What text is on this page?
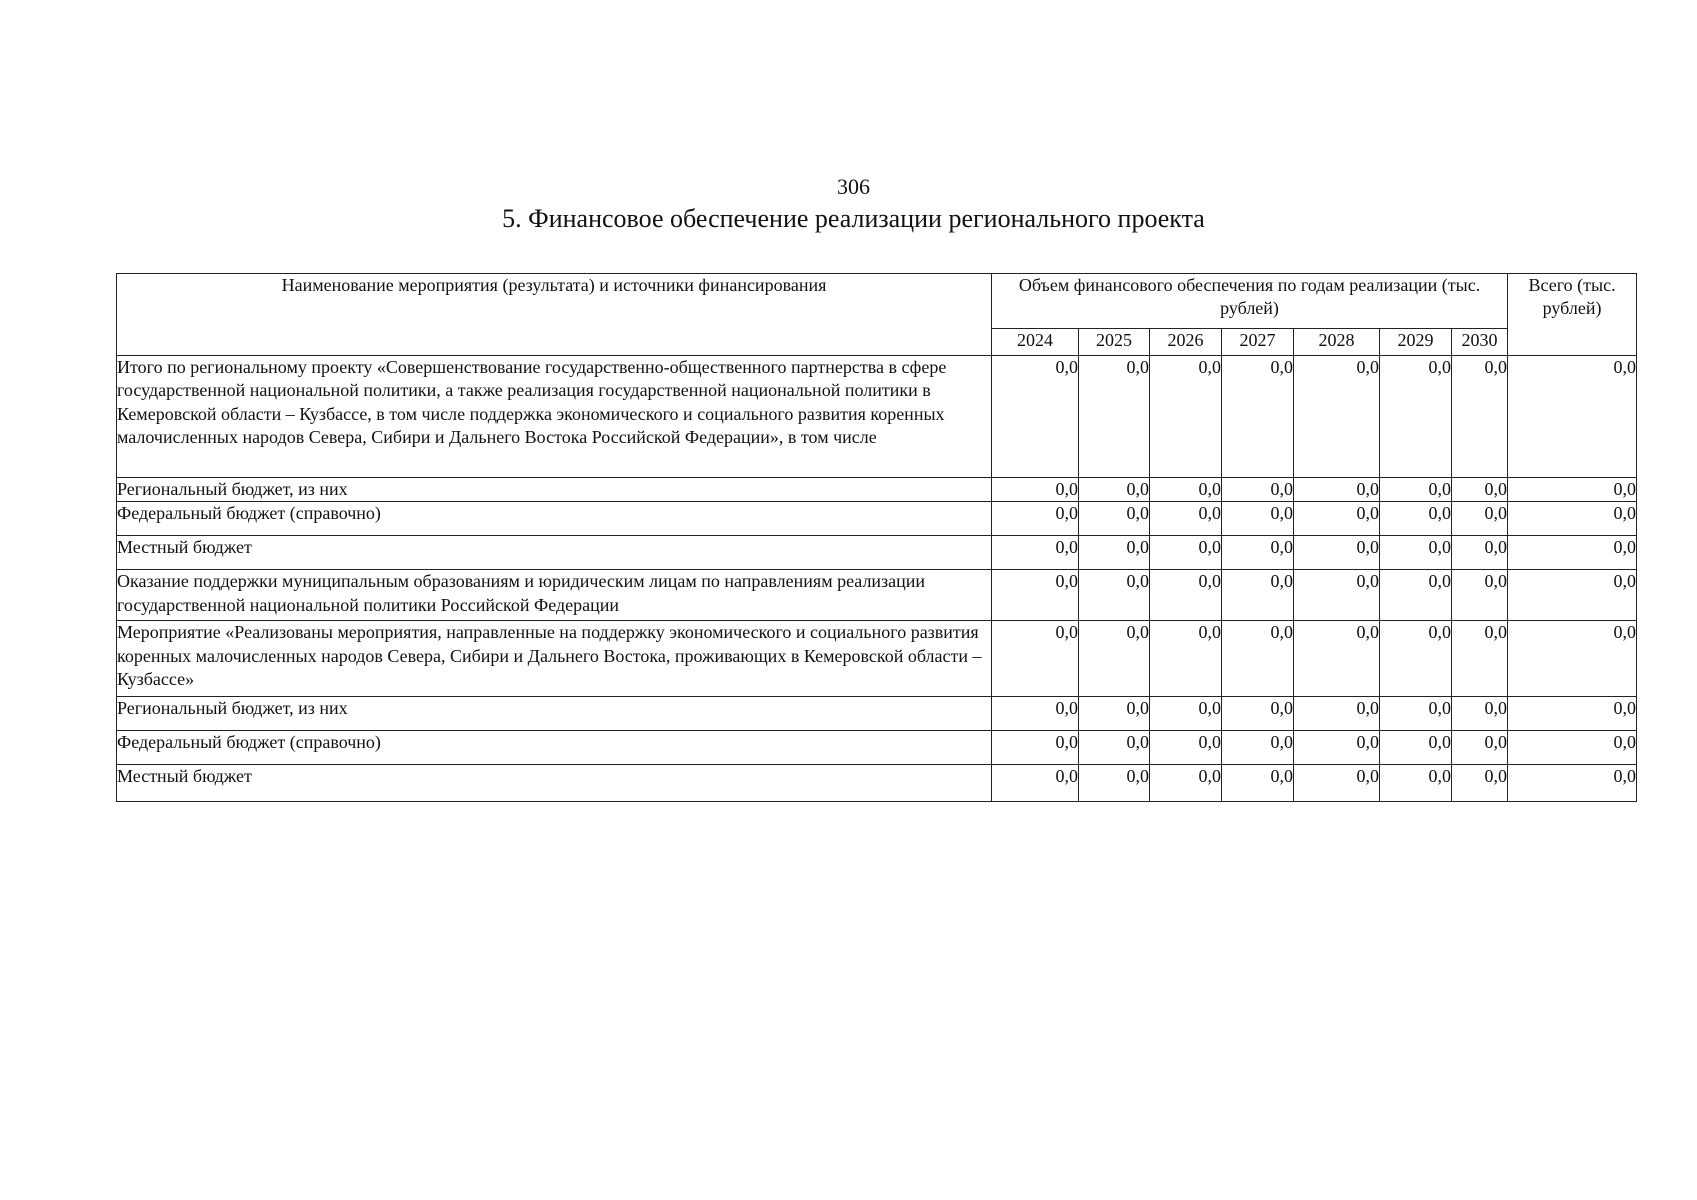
306
5. Финансовое обеспечение реализации регионального проекта
Наименование мероприятия (результата) и источники финансирования	Объем финансового обеспечения по годам реализации (тыс. рублей)							Всего (тыс. рублей)
	2024	2025	2026	2027	2028	2029	2030	
Итого по региональному проекту «Совершенствование государственно-общественного партнерства в сфере государственной национальной политики, а также реализация государственной национальной политики в Кемеровской области – Кузбассе, в том числе поддержка экономического и социального развития коренных малочисленных народов Севера, Сибири и Дальнего Востока Российской Федерации», в том числе	0,0	0,0	0,0	0,0	0,0	0,0	0,0	0,0
Региональный бюджет, из них	0,0	0,0	0,0	0,0	0,0	0,0	0,0	0,0
Федеральный бюджет (справочно)	0,0	0,0	0,0	0,0	0,0	0,0	0,0	0,0
Местный бюджет	0,0	0,0	0,0	0,0	0,0	0,0	0,0	0,0
Оказание поддержки муниципальным образованиям и юридическим лицам по направлениям реализации государственной национальной политики Российской Федерации	0,0	0,0	0,0	0,0	0,0	0,0	0,0	0,0
Мероприятие «Реализованы мероприятия, направленные на поддержку экономического и социального развития коренных малочисленных народов Севера, Сибири и Дальнего Востока, проживающих в Кемеровской области – Кузбассе»	0,0	0,0	0,0	0,0	0,0	0,0	0,0	0,0
Региональный бюджет, из них	0,0	0,0	0,0	0,0	0,0	0,0	0,0	0,0
Федеральный бюджет (справочно)	0,0	0,0	0,0	0,0	0,0	0,0	0,0	0,0
Местный бюджет	0,0	0,0	0,0	0,0	0,0	0,0	0,0	0,0
